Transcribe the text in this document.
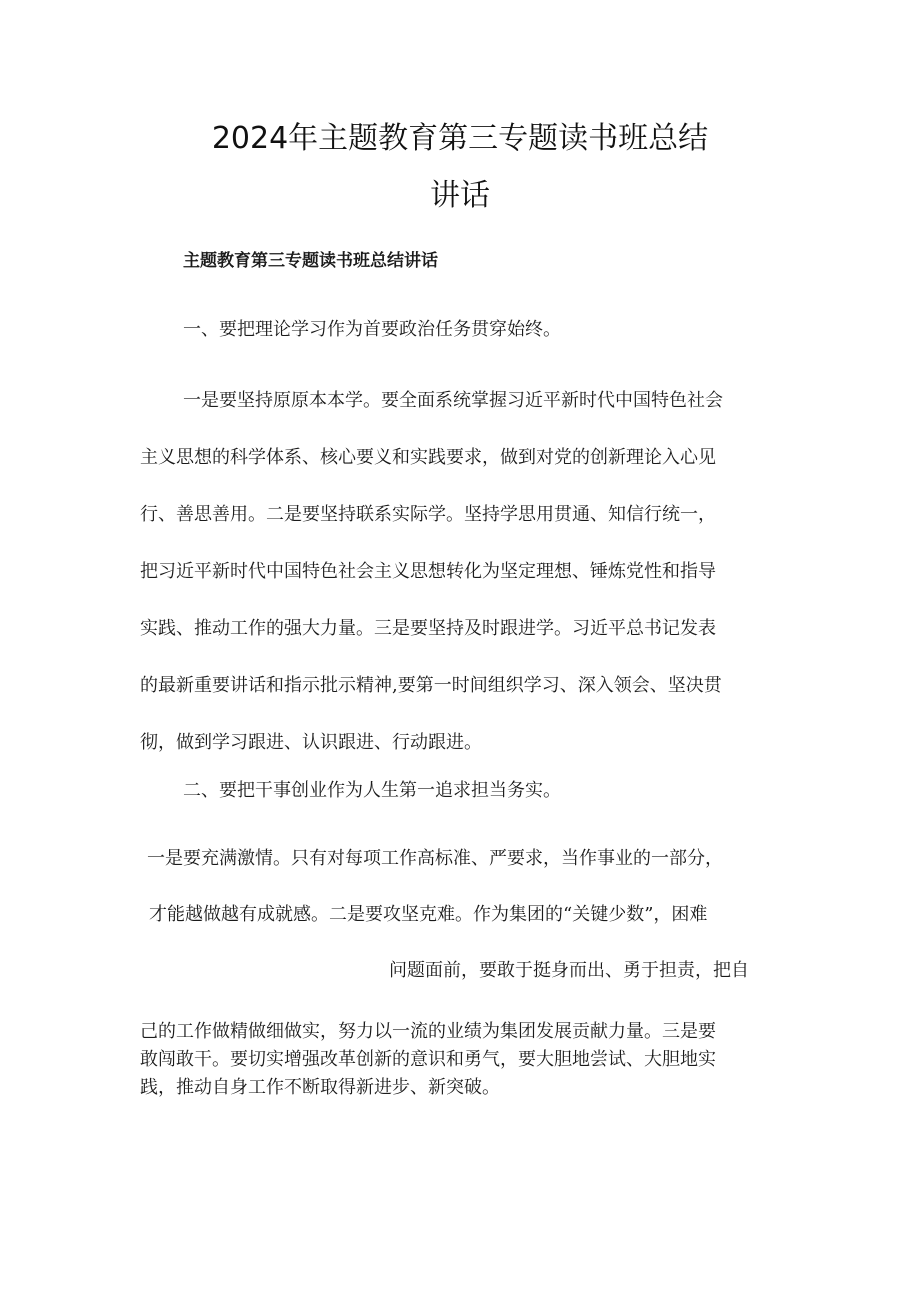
2024年主题教育第三专题读书班总结
讲话

主题教育第三专题读书班总结讲话

一、要把理论学习作为首要政治任务贯穿始终。

一是要坚持原原本本学。要全面系统掌握习近平新时代中国特色社会
主义思想的科学体系、核心要义和实践要求，做到对党的创新理论入心见
行、善思善用。二是要坚持联系实际学。坚持学思用贯通、知信行统一，
把习近平新时代中国特色社会主义思想转化为坚定理想、锤炼党性和指导
实践、推动工作的强大力量。三是要坚持及时跟进学。习近平总书记发表
的最新重要讲话和指示批示精神,要第一时间组织学习、深入领会、坚决贯
彻，做到学习跟进、认识跟进、行动跟进。

二、要把干事创业作为人生第一追求担当务实。

一是要充满激情。只有对每项工作高标准、严要求，当作事业的一部分，

才能越做越有成就感。二是要攻坚克难。作为集团的“关键少数”，困难

问题面前，要敢于挺身而出、勇于担责，把自

己的工作做精做细做实，努力以一流的业绩为集团发展贡献力量。三是要
敢闯敢干。要切实增强改革创新的意识和勇气，要大胆地尝试、大胆地实
践，推动自身工作不断取得新进步、新突破。
